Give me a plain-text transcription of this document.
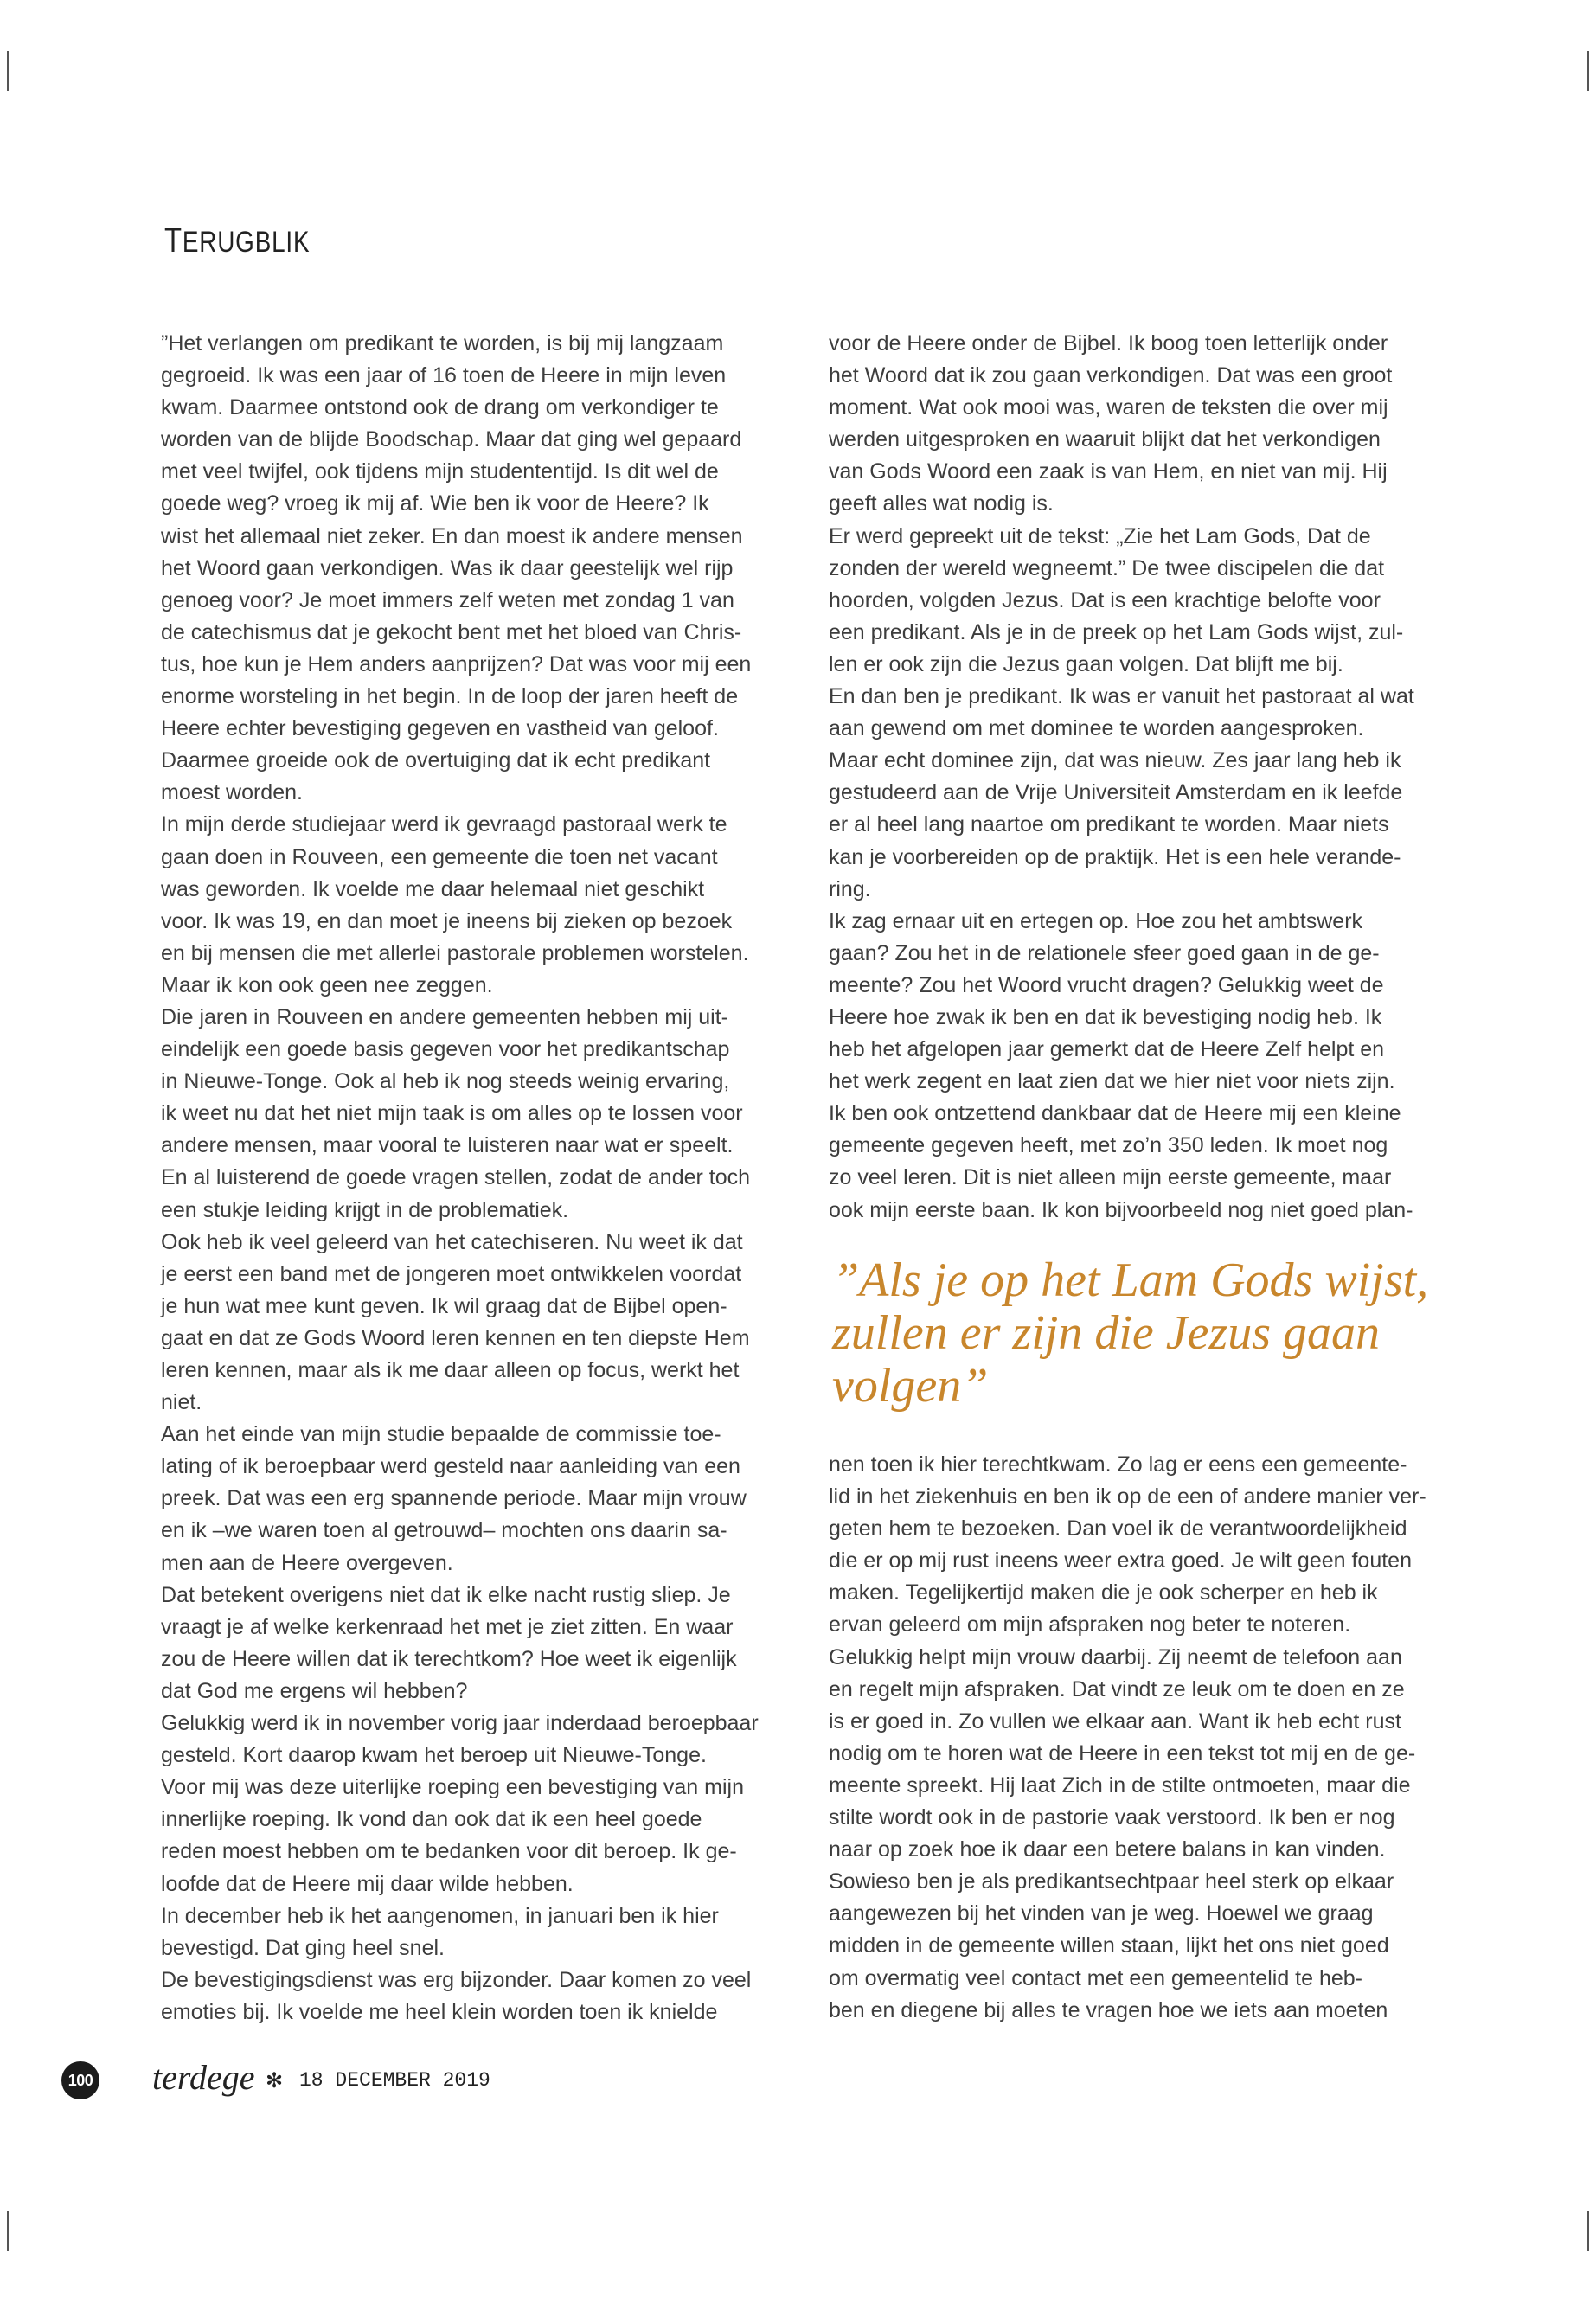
TERUGBLIK
”Het verlangen om predikant te worden, is bij mij langzaam
gegroeid. Ik was een jaar of 16 toen de Heere in mijn leven
kwam. Daarmee ontstond ook de drang om verkondiger te
worden van de blijde Boodschap. Maar dat ging wel gepaard
met veel twijfel, ook tijdens mijn studententijd. Is dit wel de
goede weg? vroeg ik mij af. Wie ben ik voor de Heere? Ik
wist het allemaal niet zeker. En dan moest ik andere mensen
het Woord gaan verkondigen. Was ik daar geestelijk wel rijp
genoeg voor? Je moet immers zelf weten met zondag 1 van
de catechismus dat je gekocht bent met het bloed van Chris-
tus, hoe kun je Hem anders aanprijzen? Dat was voor mij een
enorme worsteling in het begin. In de loop der jaren heeft de
Heere echter bevestiging gegeven en vastheid van geloof.
Daarmee groeide ook de overtuiging dat ik echt predikant
moest worden.
In mijn derde studiejaar werd ik gevraagd pastoraal werk te
gaan doen in Rouveen, een gemeente die toen net vacant
was geworden. Ik voelde me daar helemaal niet geschikt
voor. Ik was 19, en dan moet je ineens bij zieken op bezoek
en bij mensen die met allerlei pastorale problemen worstelen.
Maar ik kon ook geen nee zeggen.
Die jaren in Rouveen en andere gemeenten hebben mij uit-
eindelijk een goede basis gegeven voor het predikantschap
in Nieuwe-Tonge. Ook al heb ik nog steeds weinig ervaring,
ik weet nu dat het niet mijn taak is om alles op te lossen voor
andere mensen, maar vooral te luisteren naar wat er speelt.
En al luisterend de goede vragen stellen, zodat de ander toch
een stukje leiding krijgt in de problematiek.
Ook heb ik veel geleerd van het catechiseren. Nu weet ik dat
je eerst een band met de jongeren moet ontwikkelen voordat
je hun wat mee kunt geven. Ik wil graag dat de Bijbel open-
gaat en dat ze Gods Woord leren kennen en ten diepste Hem
leren kennen, maar als ik me daar alleen op focus, werkt het
niet.
Aan het einde van mijn studie bepaalde de commissie toe-
lating of ik beroepbaar werd gesteld naar aanleiding van een
preek. Dat was een erg spannende periode. Maar mijn vrouw
en ik –we waren toen al getrouwd– mochten ons daarin sa-
men aan de Heere overgeven.
Dat betekent overigens niet dat ik elke nacht rustig sliep. Je
vraagt je af welke kerkenraad het met je ziet zitten. En waar
zou de Heere willen dat ik terechtkom? Hoe weet ik eigenlijk
dat God me ergens wil hebben?
Gelukkig werd ik in november vorig jaar inderdaad beroepbaar
gesteld. Kort daarop kwam het beroep uit Nieuwe-Tonge.
Voor mij was deze uiterlijke roeping een bevestiging van mijn
innerlijke roeping. Ik vond dan ook dat ik een heel goede
reden moest hebben om te bedanken voor dit beroep. Ik ge-
loofde dat de Heere mij daar wilde hebben.
In december heb ik het aangenomen, in januari ben ik hier
bevestigd. Dat ging heel snel.
De bevestigingsdienst was erg bijzonder. Daar komen zo veel
emoties bij. Ik voelde me heel klein worden toen ik knielde
voor de Heere onder de Bijbel. Ik boog toen letterlijk onder
het Woord dat ik zou gaan verkondigen. Dat was een groot
moment. Wat ook mooi was, waren de teksten die over mij
werden uitgesproken en waaruit blijkt dat het verkondigen
van Gods Woord een zaak is van Hem, en niet van mij. Hij
geeft alles wat nodig is.
Er werd gepreekt uit de tekst: „Zie het Lam Gods, Dat de
zonden der wereld wegneemt.” De twee discipelen die dat
hoorden, volgden Jezus. Dat is een krachtige belofte voor
een predikant. Als je in de preek op het Lam Gods wijst, zul-
len er ook zijn die Jezus gaan volgen. Dat blijft me bij.
En dan ben je predikant. Ik was er vanuit het pastoraat al wat
aan gewend om met dominee te worden aangesproken.
Maar echt dominee zijn, dat was nieuw. Zes jaar lang heb ik
gestudeerd aan de Vrije Universiteit Amsterdam en ik leefde
er al heel lang naartoe om predikant te worden. Maar niets
kan je voorbereiden op de praktijk. Het is een hele verande-
ring.
Ik zag ernaar uit en ertegen op. Hoe zou het ambtswerk
gaan? Zou het in de relationele sfeer goed gaan in de ge-
meente? Zou het Woord vrucht dragen? Gelukkig weet de
Heere hoe zwak ik ben en dat ik bevestiging nodig heb. Ik
heb het afgelopen jaar gemerkt dat de Heere Zelf helpt en
het werk zegent en laat zien dat we hier niet voor niets zijn.
Ik ben ook ontzettend dankbaar dat de Heere mij een kleine
gemeente gegeven heeft, met zo’n 350 leden. Ik moet nog
zo veel leren. Dit is niet alleen mijn eerste gemeente, maar
ook mijn eerste baan. Ik kon bijvoorbeeld nog niet goed plan-
”Als je op het Lam Gods wijst,
zullen er zijn die Jezus gaan
volgen”
nen toen ik hier terechtkwam. Zo lag er eens een gemeente-
lid in het ziekenhuis en ben ik op de een of andere manier ver-
geten hem te bezoeken. Dan voel ik de verantwoordelijkheid
die er op mij rust ineens weer extra goed. Je wilt geen fouten
maken. Tegelijkertijd maken die je ook scherper en heb ik
ervan geleerd om mijn afspraken nog beter te noteren.
Gelukkig helpt mijn vrouw daarbij. Zij neemt de telefoon aan
en regelt mijn afspraken. Dat vindt ze leuk om te doen en ze
is er goed in. Zo vullen we elkaar aan. Want ik heb echt rust
nodig om te horen wat de Heere in een tekst tot mij en de ge-
meente spreekt. Hij laat Zich in de stilte ontmoeten, maar die
stilte wordt ook in de pastorie vaak verstoord. Ik ben er nog
naar op zoek hoe ik daar een betere balans in kan vinden.
Sowieso ben je als predikantsechtpaar heel sterk op elkaar
aangewezen bij het vinden van je weg. Hoewel we graag
midden in de gemeente willen staan, lijkt het ons niet goed
om overmatig veel contact met een gemeentelid te heb-
ben en diegene bij alles te vragen hoe we iets aan moeten
100 terdege ✻ 18 DECEMBER 2019
